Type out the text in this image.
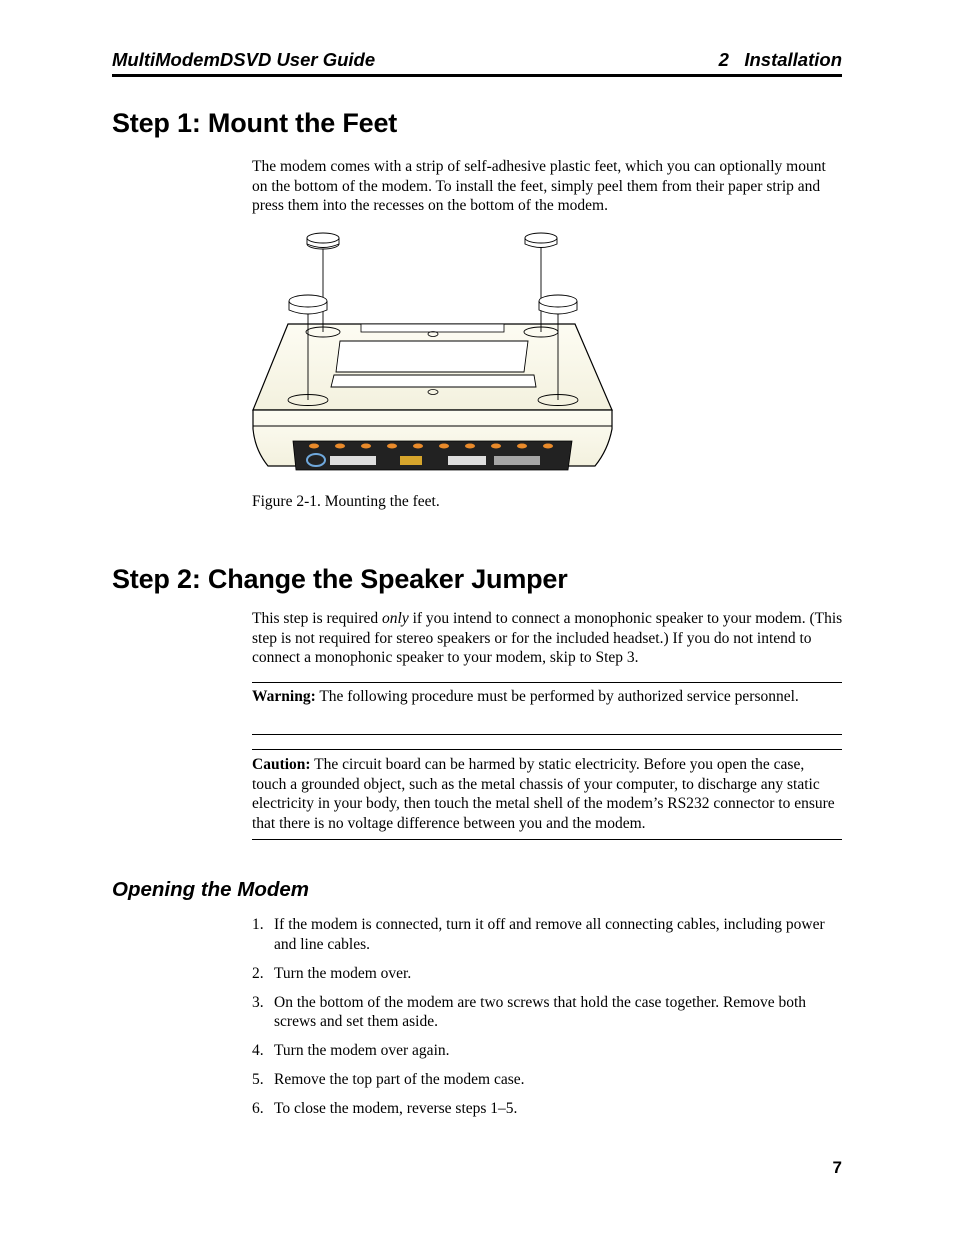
MultiModemDSVD User Guide	2   Installation
Step 1: Mount the Feet

The modem comes with a strip of self-adhesive plastic feet, which you can optionally mount on the bottom of the modem. To install the feet, simply peel them from their paper strip and press them into the recesses on the bottom of the modem.

Figure 2-1. Mounting the feet.

Step 2: Change the Speaker Jumper

This step is required only if you intend to connect a monophonic speaker to your modem. (This step is not required for stereo speakers or for the included headset.) If you do not intend to connect a monophonic speaker to your modem, skip to Step 3.

Warning: The following procedure must be performed by authorized service personnel.

Caution: The circuit board can be harmed by static electricity. Before you open the case, touch a grounded object, such as the metal chassis of your computer, to discharge any static electricity in your body, then touch the metal shell of the modem’s RS232 connector to ensure that there is no voltage difference between you and the modem.

Opening the Modem
1. If the modem is connected, turn it off and remove all connecting cables, including power and line cables.
2. Turn the modem over.
3. On the bottom of the modem are two screws that hold the case together. Remove both screws and set them aside.
4. Turn the modem over again.
5. Remove the top part of the modem case.
6. To close the modem, reverse steps 1–5.
7
